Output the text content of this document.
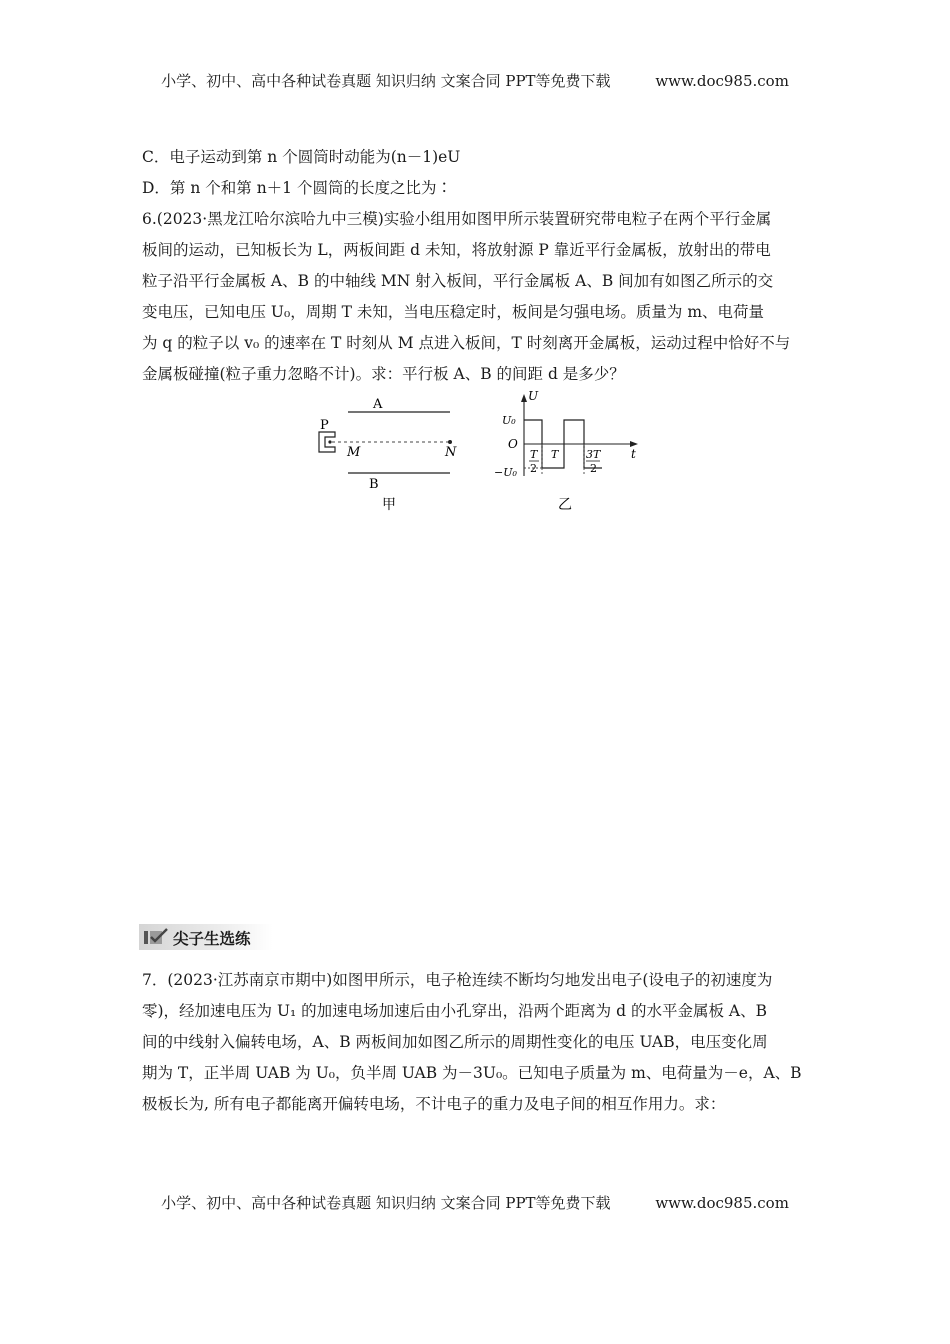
小学、初中、高中各种试卷真题 知识归纳 文案合同 PPT等免费下载	www.doc985.com
C．电子运动到第 n 个圆筒时动能为(n－1)eU
D．第 n 个和第 n＋1 个圆筒的长度之比为∶
6.(2023·黑龙江哈尔滨哈九中三模)实验小组用如图甲所示装置研究带电粒子在两个平行金属
板间的运动，已知板长为 L，两板间距 d 未知，将放射源 P 靠近平行金属板，放射出的带电
粒子沿平行金属板 A、B 的中轴线 MN 射入板间，平行金属板 A、B 间加有如图乙所示的交
变电压，已知电压 U₀，周期 T 未知，当电压稳定时，板间是匀强电场。质量为 m、电荷量
为 q 的粒子以 v₀ 的速率在 T 时刻从 M 点进入板间，T 时刻离开金属板，运动过程中恰好不与
金属板碰撞(粒子重力忽略不计)。求：平行板 A、B 的间距 d 是多少？
A
P
M	N
B
甲
U
t
O
U₀
−U₀
T
2
T	3T
2
乙
尖子生选练
7．(2023·江苏南京市期中)如图甲所示，电子枪连续不断均匀地发出电子(设电子的初速度为
零)，经加速电压为 U₁ 的加速电场加速后由小孔穿出，沿两个距离为 d 的水平金属板 A、B
间的中线射入偏转电场，A、B 两板间加如图乙所示的周期性变化的电压 UAB，电压变化周
期为 T，正半周 UAB 为 U₀，负半周 UAB 为－3U₀。已知电子质量为 m、电荷量为－e，A、B
极板长为, 所有电子都能离开偏转电场，不计电子的重力及电子间的相互作用力。求：
小学、初中、高中各种试卷真题 知识归纳 文案合同 PPT等免费下载	www.doc985.com
